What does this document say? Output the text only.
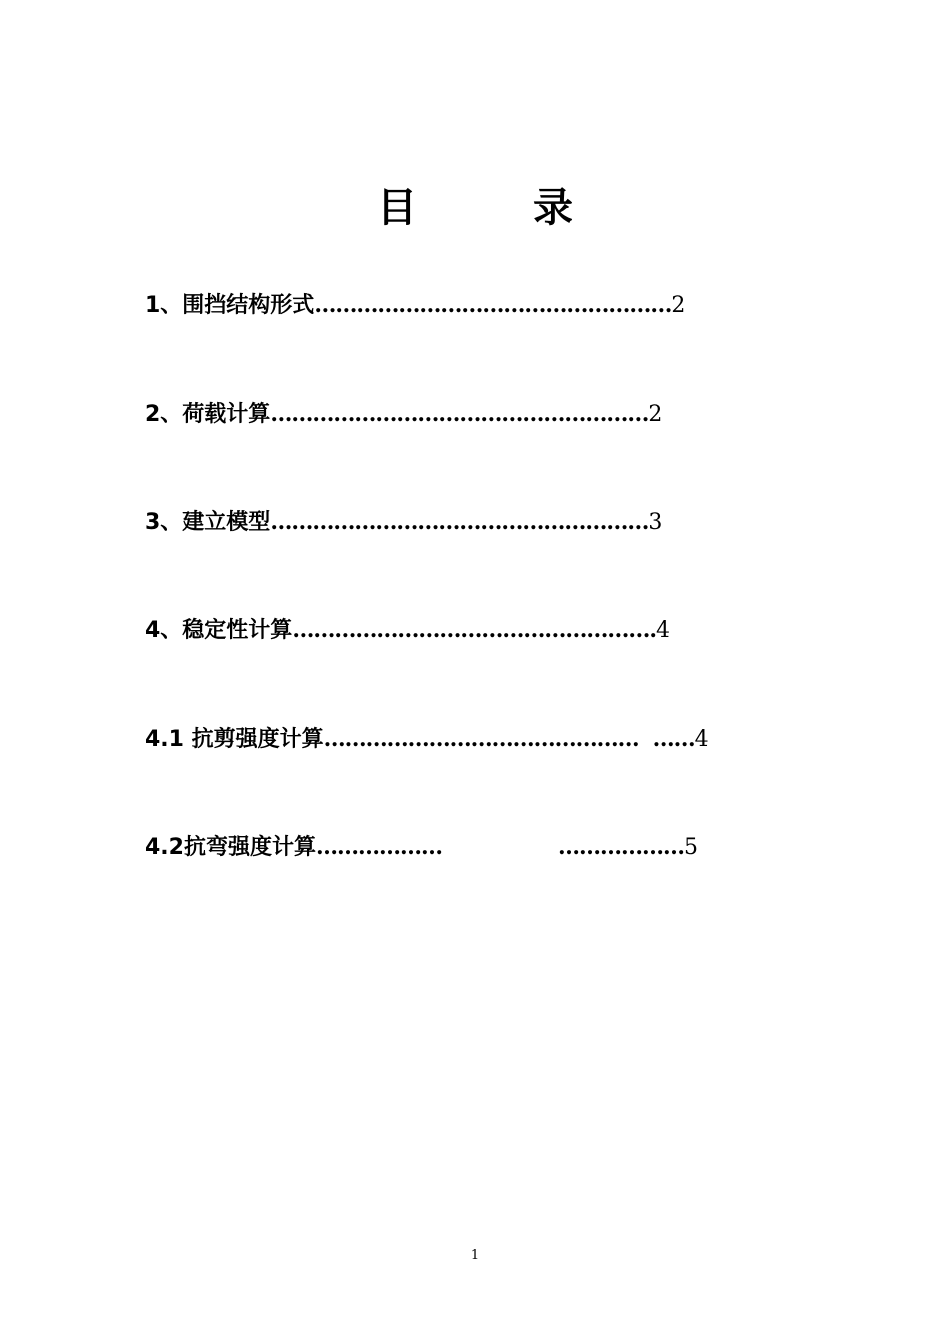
目　录
1、围挡结构形式 …………………………………………… 2
2、荷载计算 ……………………………………………… 2
3、建立模型 ……………………………………………… 3
4、稳定性计算 ……………………………………………. 4
4.1 抗剪强度计算 ……………………………………… …… 4
4.2抗弯强度计算 ………………	……………… 5
1
